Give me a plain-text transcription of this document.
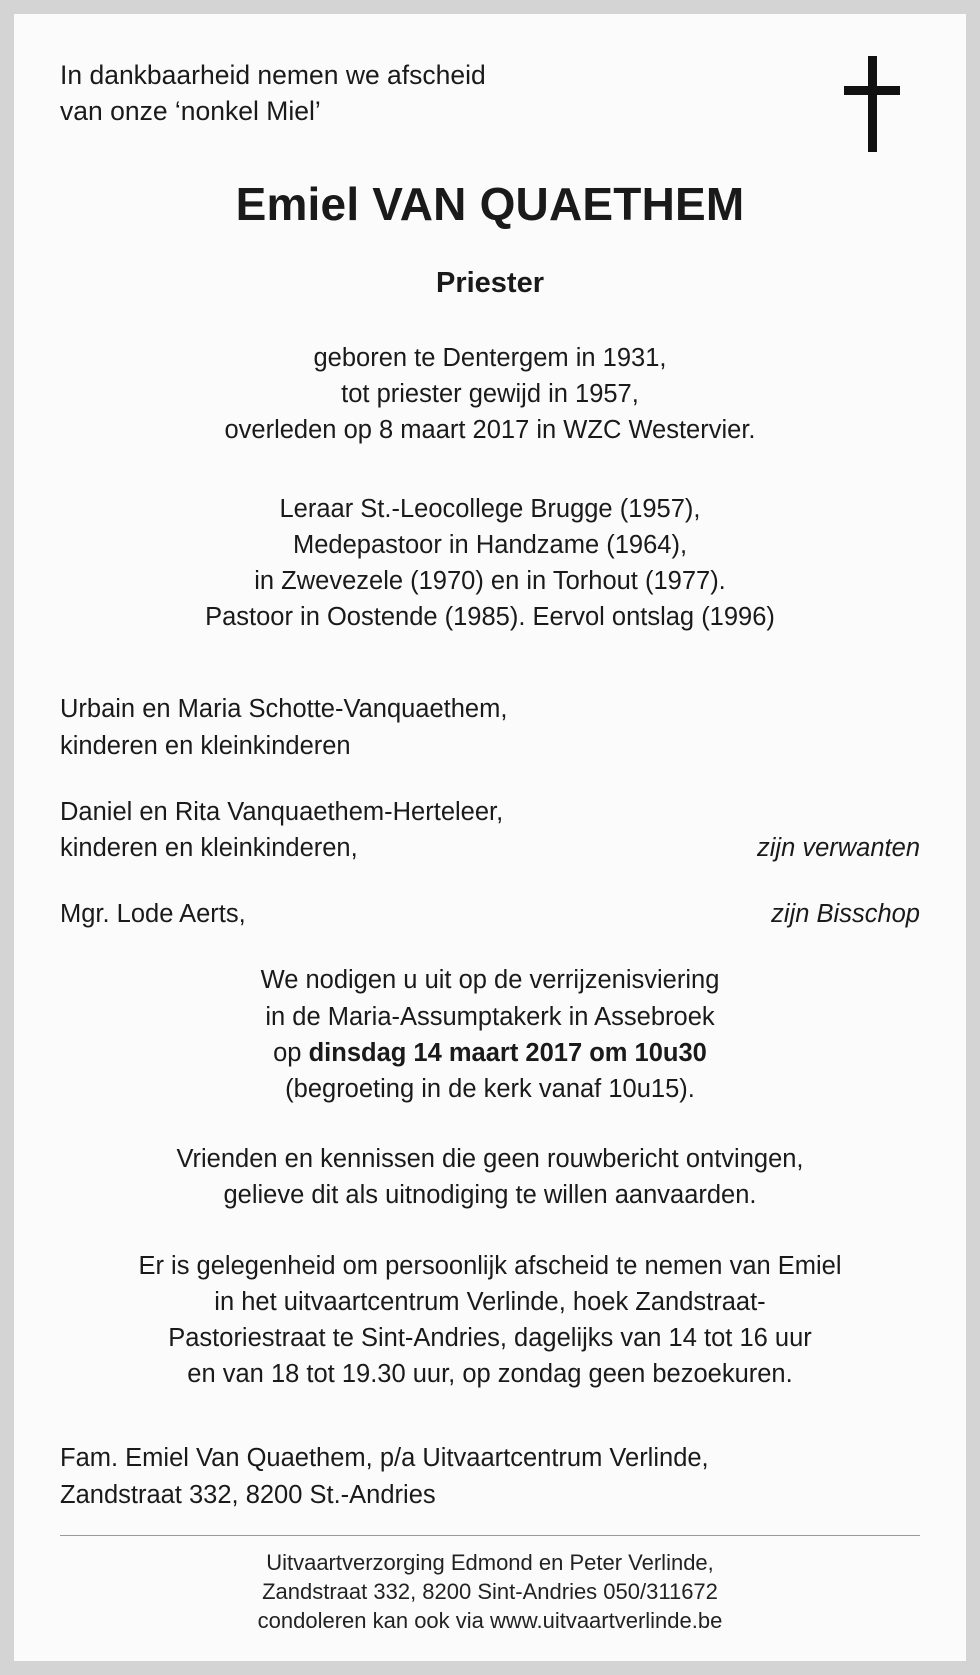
In dankbaarheid nemen we afscheid
van onze ‘nonkel Miel’
Emiel VAN QUAETHEM
Priester
geboren te Dentergem in 1931,
tot priester gewijd in 1957,
overleden op 8 maart 2017 in WZC Westervier.
Leraar St.-Leocollege Brugge (1957),
Medepastoor in Handzame (1964),
in Zwevezele (1970) en in Torhout (1977).
Pastoor in Oostende (1985). Eervol ontslag (1996)
Urbain en Maria Schotte-Vanquaethem,
kinderen en kleinkinderen
Daniel en Rita Vanquaethem-Herteleer,
kinderen en kleinkinderen,	zijn verwanten
Mgr. Lode Aerts,	zijn Bisschop
We nodigen u uit op de verrijzenisviering
in de Maria-Assumptakerk in Assebroek
op dinsdag 14 maart 2017 om 10u30
(begroeting in de kerk vanaf 10u15).
Vrienden en kennissen die geen rouwbericht ontvingen,
gelieve dit als uitnodiging te willen aanvaarden.
Er is gelegenheid om persoonlijk afscheid te nemen van Emiel
in het uitvaartcentrum Verlinde, hoek Zandstraat-
Pastoriestraat te Sint-Andries, dagelijks van 14 tot 16 uur
en van 18 tot 19.30 uur, op zondag geen bezoekuren.
Fam. Emiel Van Quaethem, p/a Uitvaartcentrum Verlinde,
Zandstraat 332, 8200 St.-Andries
Uitvaartverzorging Edmond en Peter Verlinde,
Zandstraat 332, 8200 Sint-Andries 050/311672
condoleren kan ook via www.uitvaartverlinde.be
